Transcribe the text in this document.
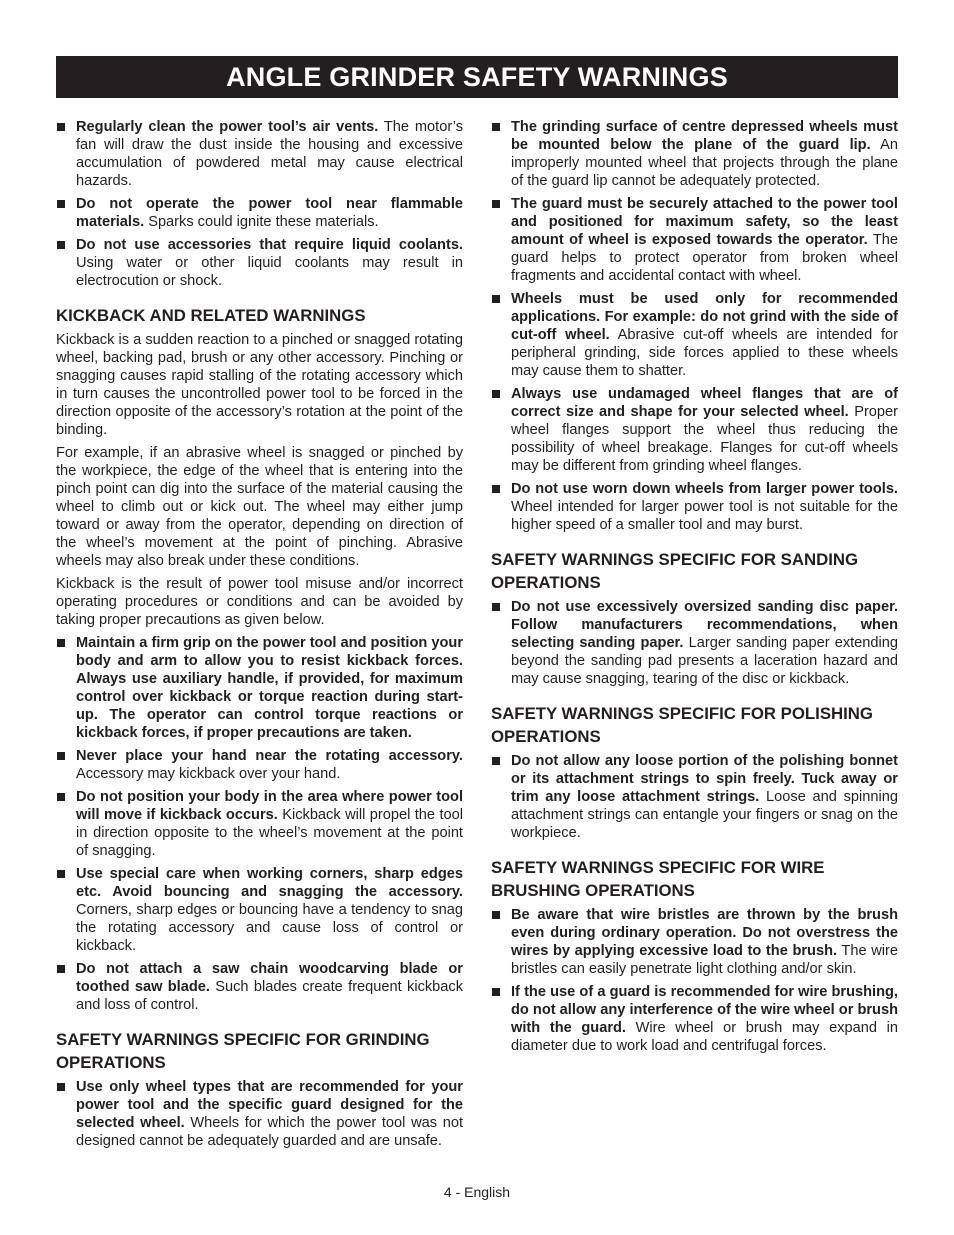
ANGLE GRINDER SAFETY WARNINGS
Regularly clean the power tool’s air vents. The motor’s fan will draw the dust inside the housing and excessive accumulation of powdered metal may cause electrical hazards.
Do not operate the power tool near flammable materials. Sparks could ignite these materials.
Do not use accessories that require liquid coolants. Using water or other liquid coolants may result in electrocution or shock.
KICKBACK AND RELATED WARNINGS

Kickback is a sudden reaction to a pinched or snagged rotating wheel, backing pad, brush or any other accessory. Pinching or snagging causes rapid stalling of the rotating accessory which in turn causes the uncontrolled power tool to be forced in the direction opposite of the accessory’s rotation at the point of the binding.

For example, if an abrasive wheel is snagged or pinched by the workpiece, the edge of the wheel that is entering into the pinch point can dig into the surface of the material causing the wheel to climb out or kick out. The wheel may either jump toward or away from the operator, depending on direction of the wheel’s movement at the point of pinching. Abrasive wheels may also break under these conditions.

Kickback is the result of power tool misuse and/or incorrect operating procedures or conditions and can be avoided by taking proper precautions as given below.

Maintain a firm grip on the power tool and position your body and arm to allow you to resist kickback forces. Always use auxiliary handle, if provided, for maximum control over kickback or torque reaction during start-up. The operator can control torque reactions or kickback forces, if proper precautions are taken.
Never place your hand near the rotating accessory. Accessory may kickback over your hand.
Do not position your body in the area where power tool will move if kickback occurs. Kickback will propel the tool in direction opposite to the wheel’s movement at the point of snagging.
Use special care when working corners, sharp edges etc. Avoid bouncing and snagging the accessory. Corners, sharp edges or bouncing have a tendency to snag the rotating accessory and cause loss of control or kickback.
Do not attach a saw chain woodcarving blade or toothed saw blade. Such blades create frequent kickback and loss of control.
SAFETY WARNINGS SPECIFIC FOR GRINDING OPERATIONS
Use only wheel types that are recommended for your power tool and the specific guard designed for the selected wheel. Wheels for which the power tool was not designed cannot be adequately guarded and are unsafe.
The grinding surface of centre depressed wheels must be mounted below the plane of the guard lip. An improperly mounted wheel that projects through the plane of the guard lip cannot be adequately protected.
The guard must be securely attached to the power tool and positioned for maximum safety, so the least amount of wheel is exposed towards the operator. The guard helps to protect operator from broken wheel fragments and accidental contact with wheel.
Wheels must be used only for recommended applications. For example: do not grind with the side of cut-off wheel. Abrasive cut-off wheels are intended for peripheral grinding, side forces applied to these wheels may cause them to shatter.
Always use undamaged wheel flanges that are of correct size and shape for your selected wheel. Proper wheel flanges support the wheel thus reducing the possibility of wheel breakage. Flanges for cut-off wheels may be different from grinding wheel flanges.
Do not use worn down wheels from larger power tools. Wheel intended for larger power tool is not suitable for the higher speed of a smaller tool and may burst.
SAFETY WARNINGS SPECIFIC FOR SANDING OPERATIONS
Do not use excessively oversized sanding disc paper. Follow manufacturers recommendations, when selecting sanding paper. Larger sanding paper extending beyond the sanding pad presents a laceration hazard and may cause snagging, tearing of the disc or kickback.
SAFETY WARNINGS SPECIFIC FOR POLISHING OPERATIONS
Do not allow any loose portion of the polishing bonnet or its attachment strings to spin freely. Tuck away or trim any loose attachment strings. Loose and spinning attachment strings can entangle your fingers or snag on the workpiece.
SAFETY WARNINGS SPECIFIC FOR WIRE BRUSHING OPERATIONS
Be aware that wire bristles are thrown by the brush even during ordinary operation. Do not overstress the wires by applying excessive load to the brush. The wire bristles can easily penetrate light clothing and/or skin.
If the use of a guard is recommended for wire brushing, do not allow any interference of the wire wheel or brush with the guard. Wire wheel or brush may expand in diameter due to work load and centrifugal forces.
4 - English
